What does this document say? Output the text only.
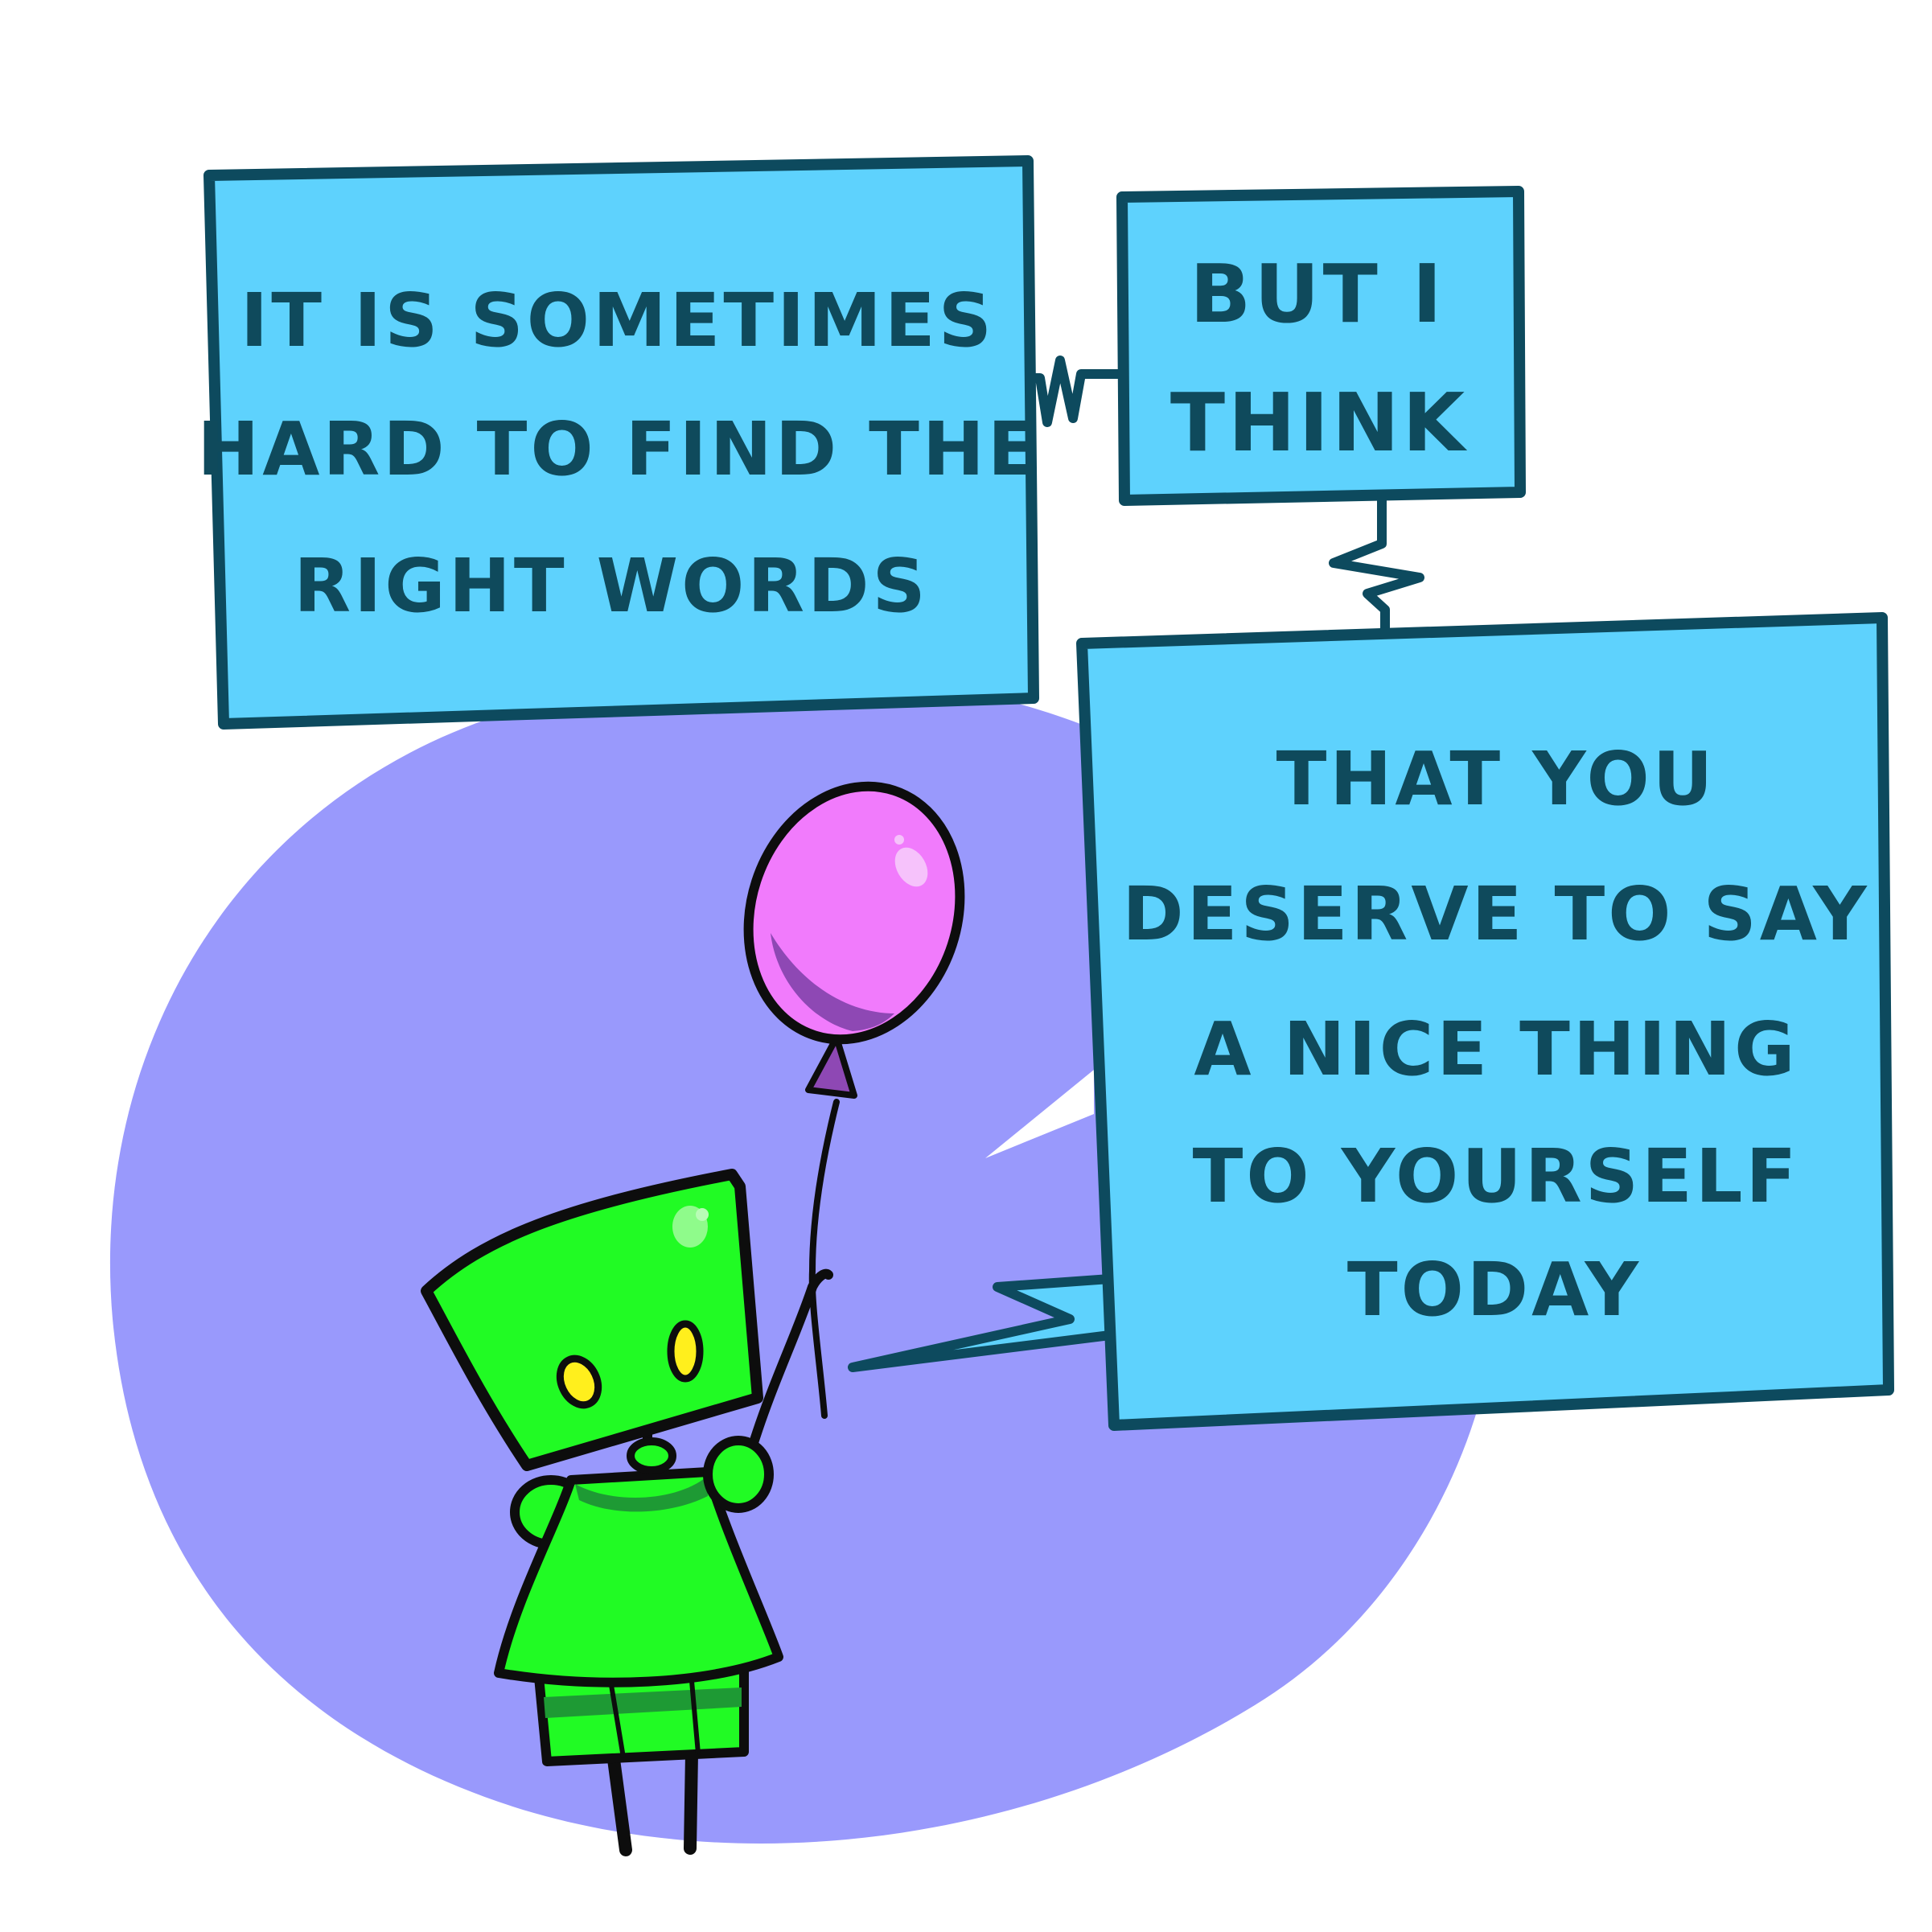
IT IS SOMETIMES
HARD TO FIND THE
RIGHT WORDS
BUT I
THINK
THAT YOU
DESERVE TO SAY
A NICE THING
TO YOURSELF
TODAY
